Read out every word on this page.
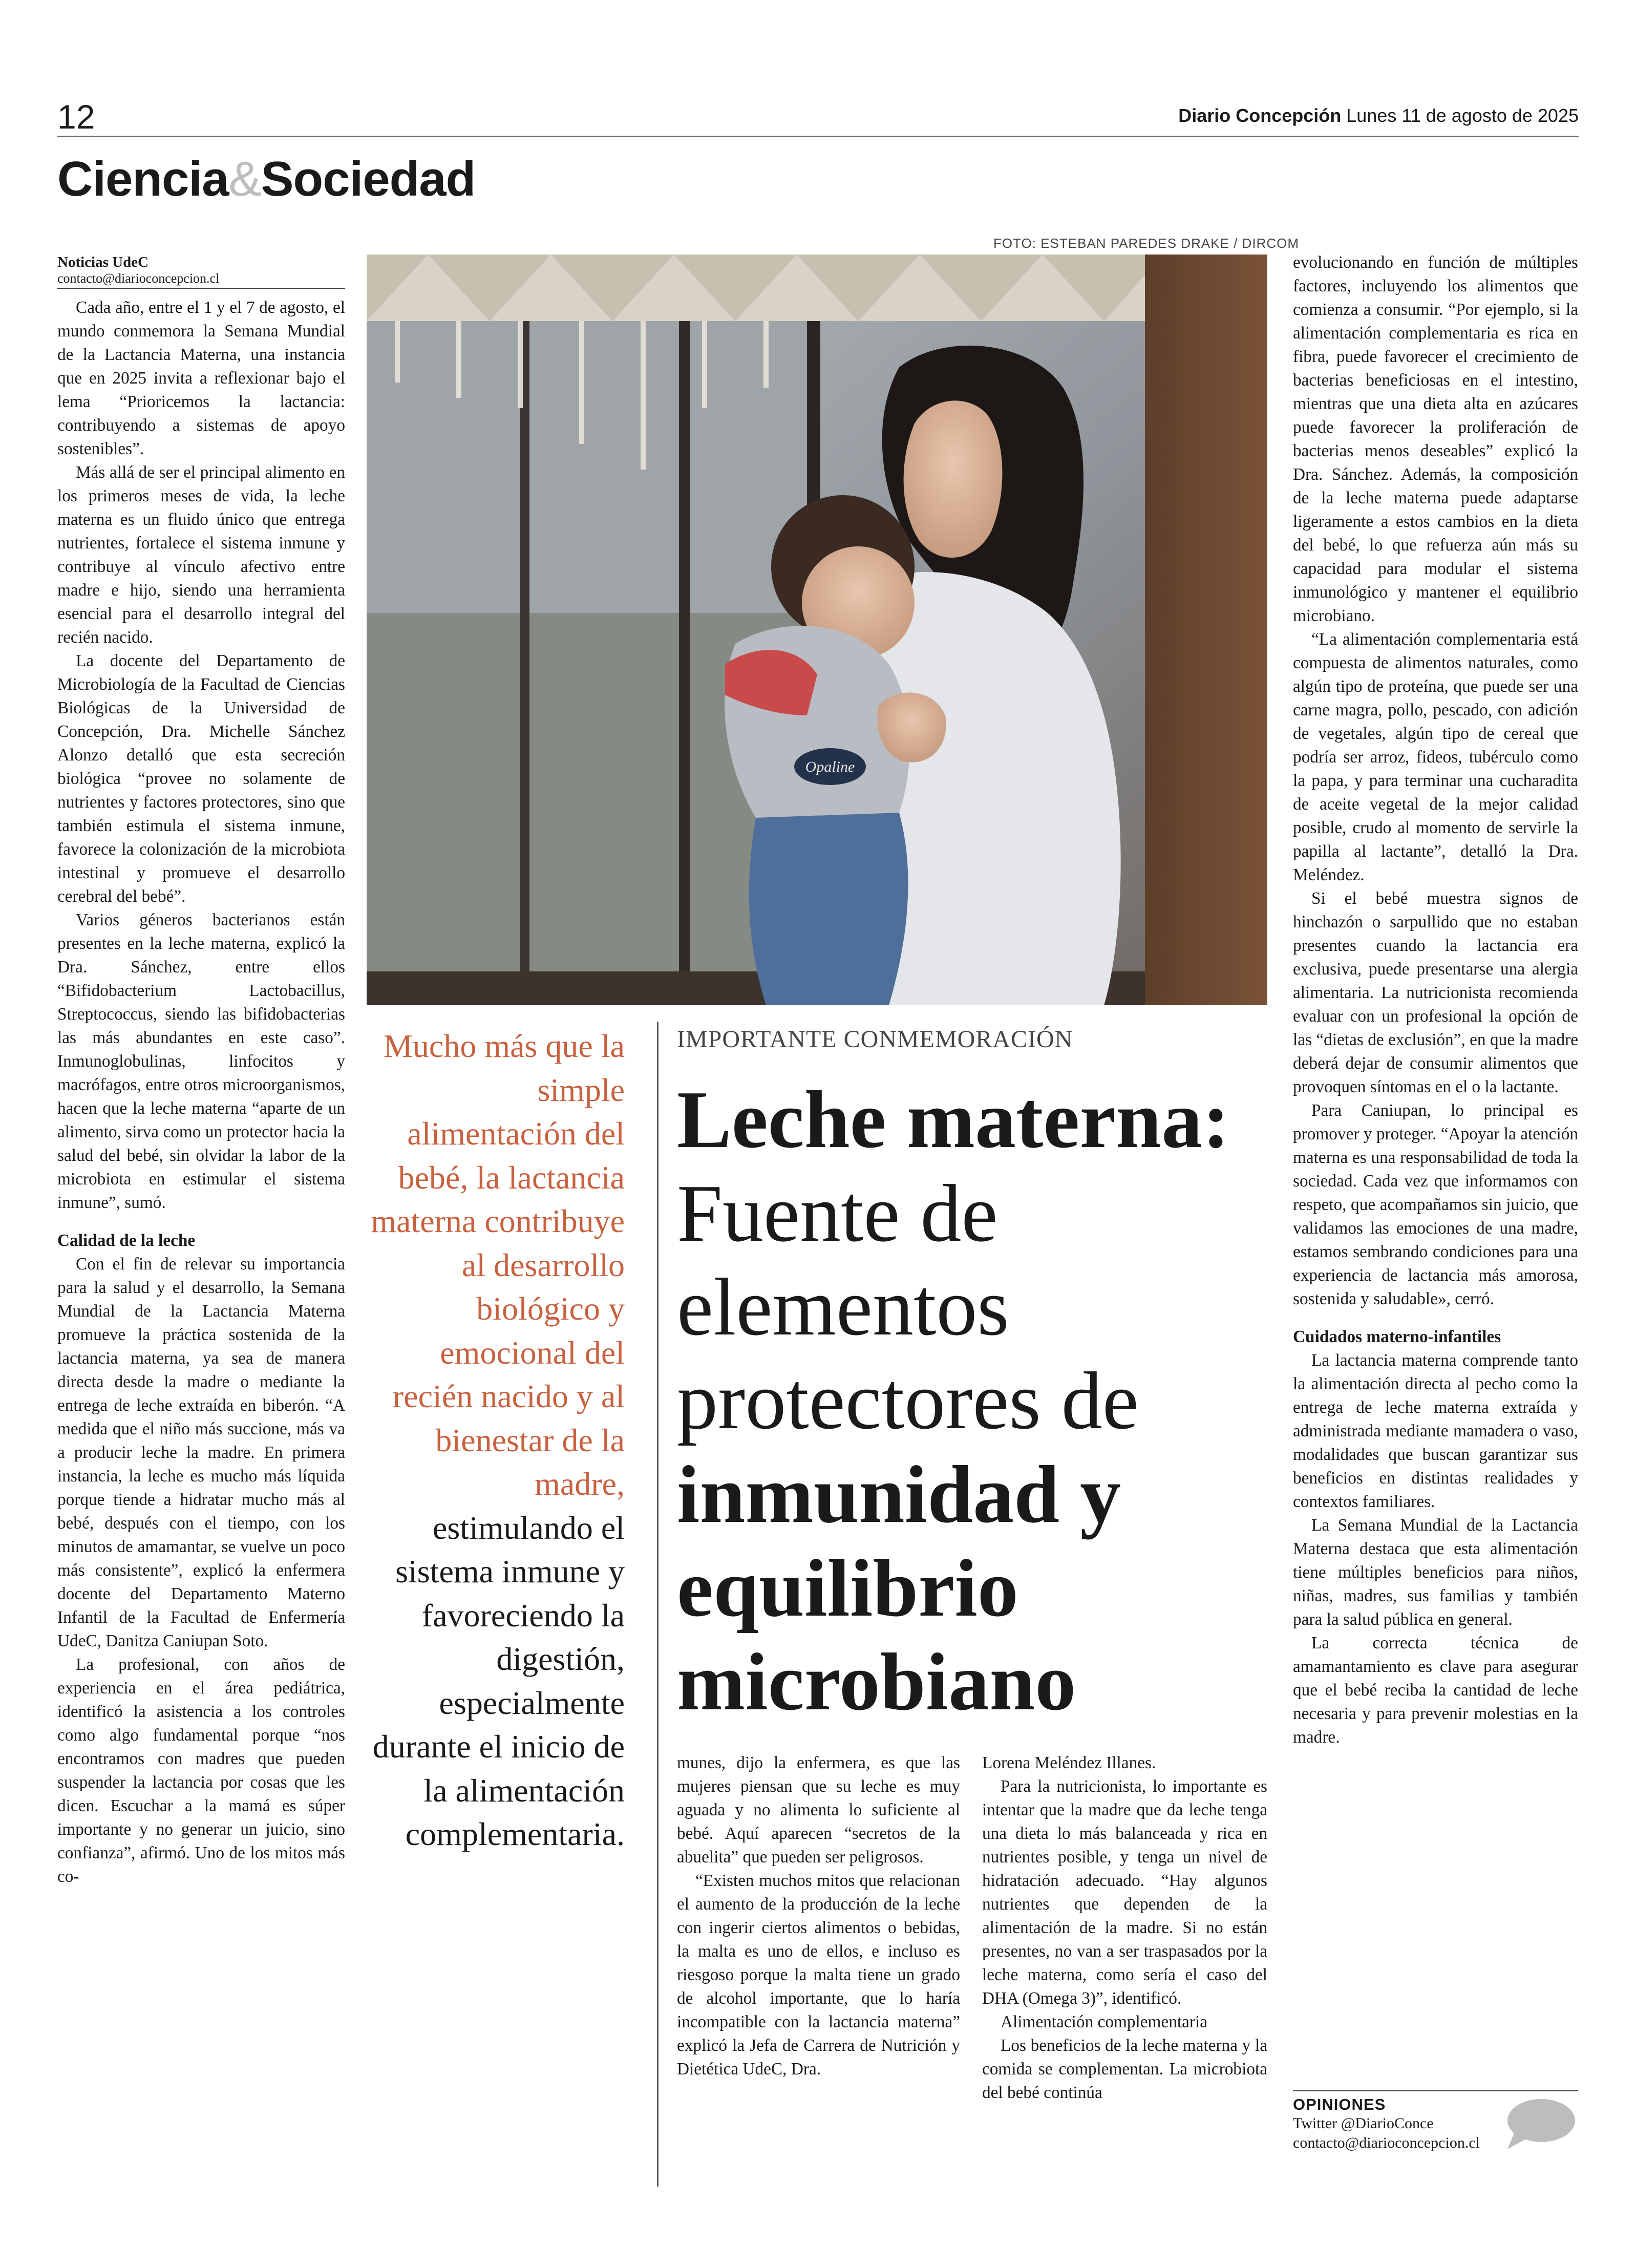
12	Diario Concepción Lunes 11 de agosto de 2025
Ciencia&Sociedad
Noticias UdeC
contacto@diarioconcepcion.cl

Cada año, entre el 1 y el 7 de agosto, el mundo conmemora la Semana Mundial de la Lactancia Materna, una instancia que en 2025 invita a reflexionar bajo el lema “Prioricemos la lactancia: contribuyendo a sistemas de apoyo sostenibles”.

Más allá de ser el principal alimento en los primeros meses de vida, la leche materna es un fluido único que entrega nutrientes, fortalece el sistema inmune y contribuye al vínculo afectivo entre madre e hijo, siendo una herramienta esencial para el desarrollo integral del recién nacido.

La docente del Departamento de Microbiología de la Facultad de Ciencias Biológicas de la Universidad de Concepción, Dra. Michelle Sánchez Alonzo detalló que esta secreción biológica “provee no solamente de nutrientes y factores protectores, sino que también estimula el sistema inmune, favorece la colonización de la microbiota intestinal y promueve el desarrollo cerebral del bebé”.

Varios géneros bacterianos están presentes en la leche materna, explicó la Dra. Sánchez, entre ellos “Bifidobacterium Lactobacillus, Streptococcus, siendo las bifidobacterias las más abundantes en este caso”. Inmunoglobulinas, linfocitos y macrófagos, entre otros microorganismos, hacen que la leche materna “aparte de un alimento, sirva como un protector hacia la salud del bebé, sin olvidar la labor de la microbiota en estimular el sistema inmune”, sumó.

Calidad de la leche

Con el fin de relevar su importancia para la salud y el desarrollo, la Semana Mundial de la Lactancia Materna promueve la práctica sostenida de la lactancia materna, ya sea de manera directa desde la madre o mediante la entrega de leche extraída en biberón. “A medida que el niño más succione, más va a producir leche la madre. En primera instancia, la leche es mucho más líquida porque tiende a hidratar mucho más al bebé, después con el tiempo, con los minutos de amamantar, se vuelve un poco más consistente”, explicó la enfermera docente del Departamento Materno Infantil de la Facultad de Enfermería UdeC, Danitza Caniupan Soto.

La profesional, con años de experiencia en el área pediátrica, identificó la asistencia a los controles como algo fundamental porque “nos encontramos con madres que pueden suspender la lactancia por cosas que les dicen. Escuchar a la mamá es súper importante y no generar un juicio, sino confianza”, afirmó. Uno de los mitos más co-

FOTO: ESTEBAN PAREDES DRAKE / DIRCOM
Opaline
Mucho más que la simple alimentación del bebé, la lactancia materna contribuye al desarrollo biológico y emocional del recién nacido y al bienestar de la madre, estimulando el sistema inmune y favoreciendo la digestión, especialmente durante el inicio de la alimentación complementaria.
IMPORTANTE CONMEMORACIÓN
Leche materna: Fuente de elementos protectores de inmunidad y equilibrio microbiano

munes, dijo la enfermera, es que las mujeres piensan que su leche es muy aguada y no alimenta lo suficiente al bebé. Aquí aparecen “secretos de la abuelita” que pueden ser peligrosos.

“Existen muchos mitos que relacionan el aumento de la producción de la leche con ingerir ciertos alimentos o bebidas, la malta es uno de ellos, e incluso es riesgoso porque la malta tiene un grado de alcohol importante, que lo haría incompatible con la lactancia materna” explicó la Jefa de Carrera de Nutrición y Dietética UdeC, Dra.

Lorena Meléndez Illanes.

Para la nutricionista, lo importante es intentar que la madre que da leche tenga una dieta lo más balanceada y rica en nutrientes posible, y tenga un nivel de hidratación adecuado. “Hay algunos nutrientes que dependen de la alimentación de la madre. Si no están presentes, no van a ser traspasados por la leche materna, como sería el caso del DHA (Omega 3)”, identificó.

Alimentación complementaria

Los beneficios de la leche materna y la comida se complementan. La microbiota del bebé continúa

evolucionando en función de múltiples factores, incluyendo los alimentos que comienza a consumir. “Por ejemplo, si la alimentación complementaria es rica en fibra, puede favorecer el crecimiento de bacterias beneficiosas en el intestino, mientras que una dieta alta en azúcares puede favorecer la proliferación de bacterias menos deseables” explicó la Dra. Sánchez. Además, la composición de la leche materna puede adaptarse ligeramente a estos cambios en la dieta del bebé, lo que refuerza aún más su capacidad para modular el sistema inmunológico y mantener el equilibrio microbiano.

“La alimentación complementaria está compuesta de alimentos naturales, como algún tipo de proteína, que puede ser una carne magra, pollo, pescado, con adición de vegetales, algún tipo de cereal que podría ser arroz, fideos, tubérculo como la papa, y para terminar una cucharadita de aceite vegetal de la mejor calidad posible, crudo al momento de servirle la papilla al lactante”, detalló la Dra. Meléndez.

Si el bebé muestra signos de hinchazón o sarpullido que no estaban presentes cuando la lactancia era exclusiva, puede presentarse una alergia alimentaria. La nutricionista recomienda evaluar con un profesional la opción de las “dietas de exclusión”, en que la madre deberá dejar de consumir alimentos que provoquen síntomas en el o la lactante.

Para Caniupan, lo principal es promover y proteger. “Apoyar la atención materna es una responsabilidad de toda la sociedad. Cada vez que informamos con respeto, que acompañamos sin juicio, que validamos las emociones de una madre, estamos sembrando condiciones para una experiencia de lactancia más amorosa, sostenida y saludable», cerró.

Cuidados materno-infantiles

La lactancia materna comprende tanto la alimentación directa al pecho como la entrega de leche materna extraída y administrada mediante mamadera o vaso, modalidades que buscan garantizar sus beneficios en distintas realidades y contextos familiares.

La Semana Mundial de la Lactancia Materna destaca que esta alimentación tiene múltiples beneficios para niños, niñas, madres, sus familias y también para la salud pública en general.

La correcta técnica de amamantamiento es clave para asegurar que el bebé reciba la cantidad de leche necesaria y para prevenir molestias en la madre.

OPINIONES
Twitter @DiarioConce
contacto@diarioconcepcion.cl
